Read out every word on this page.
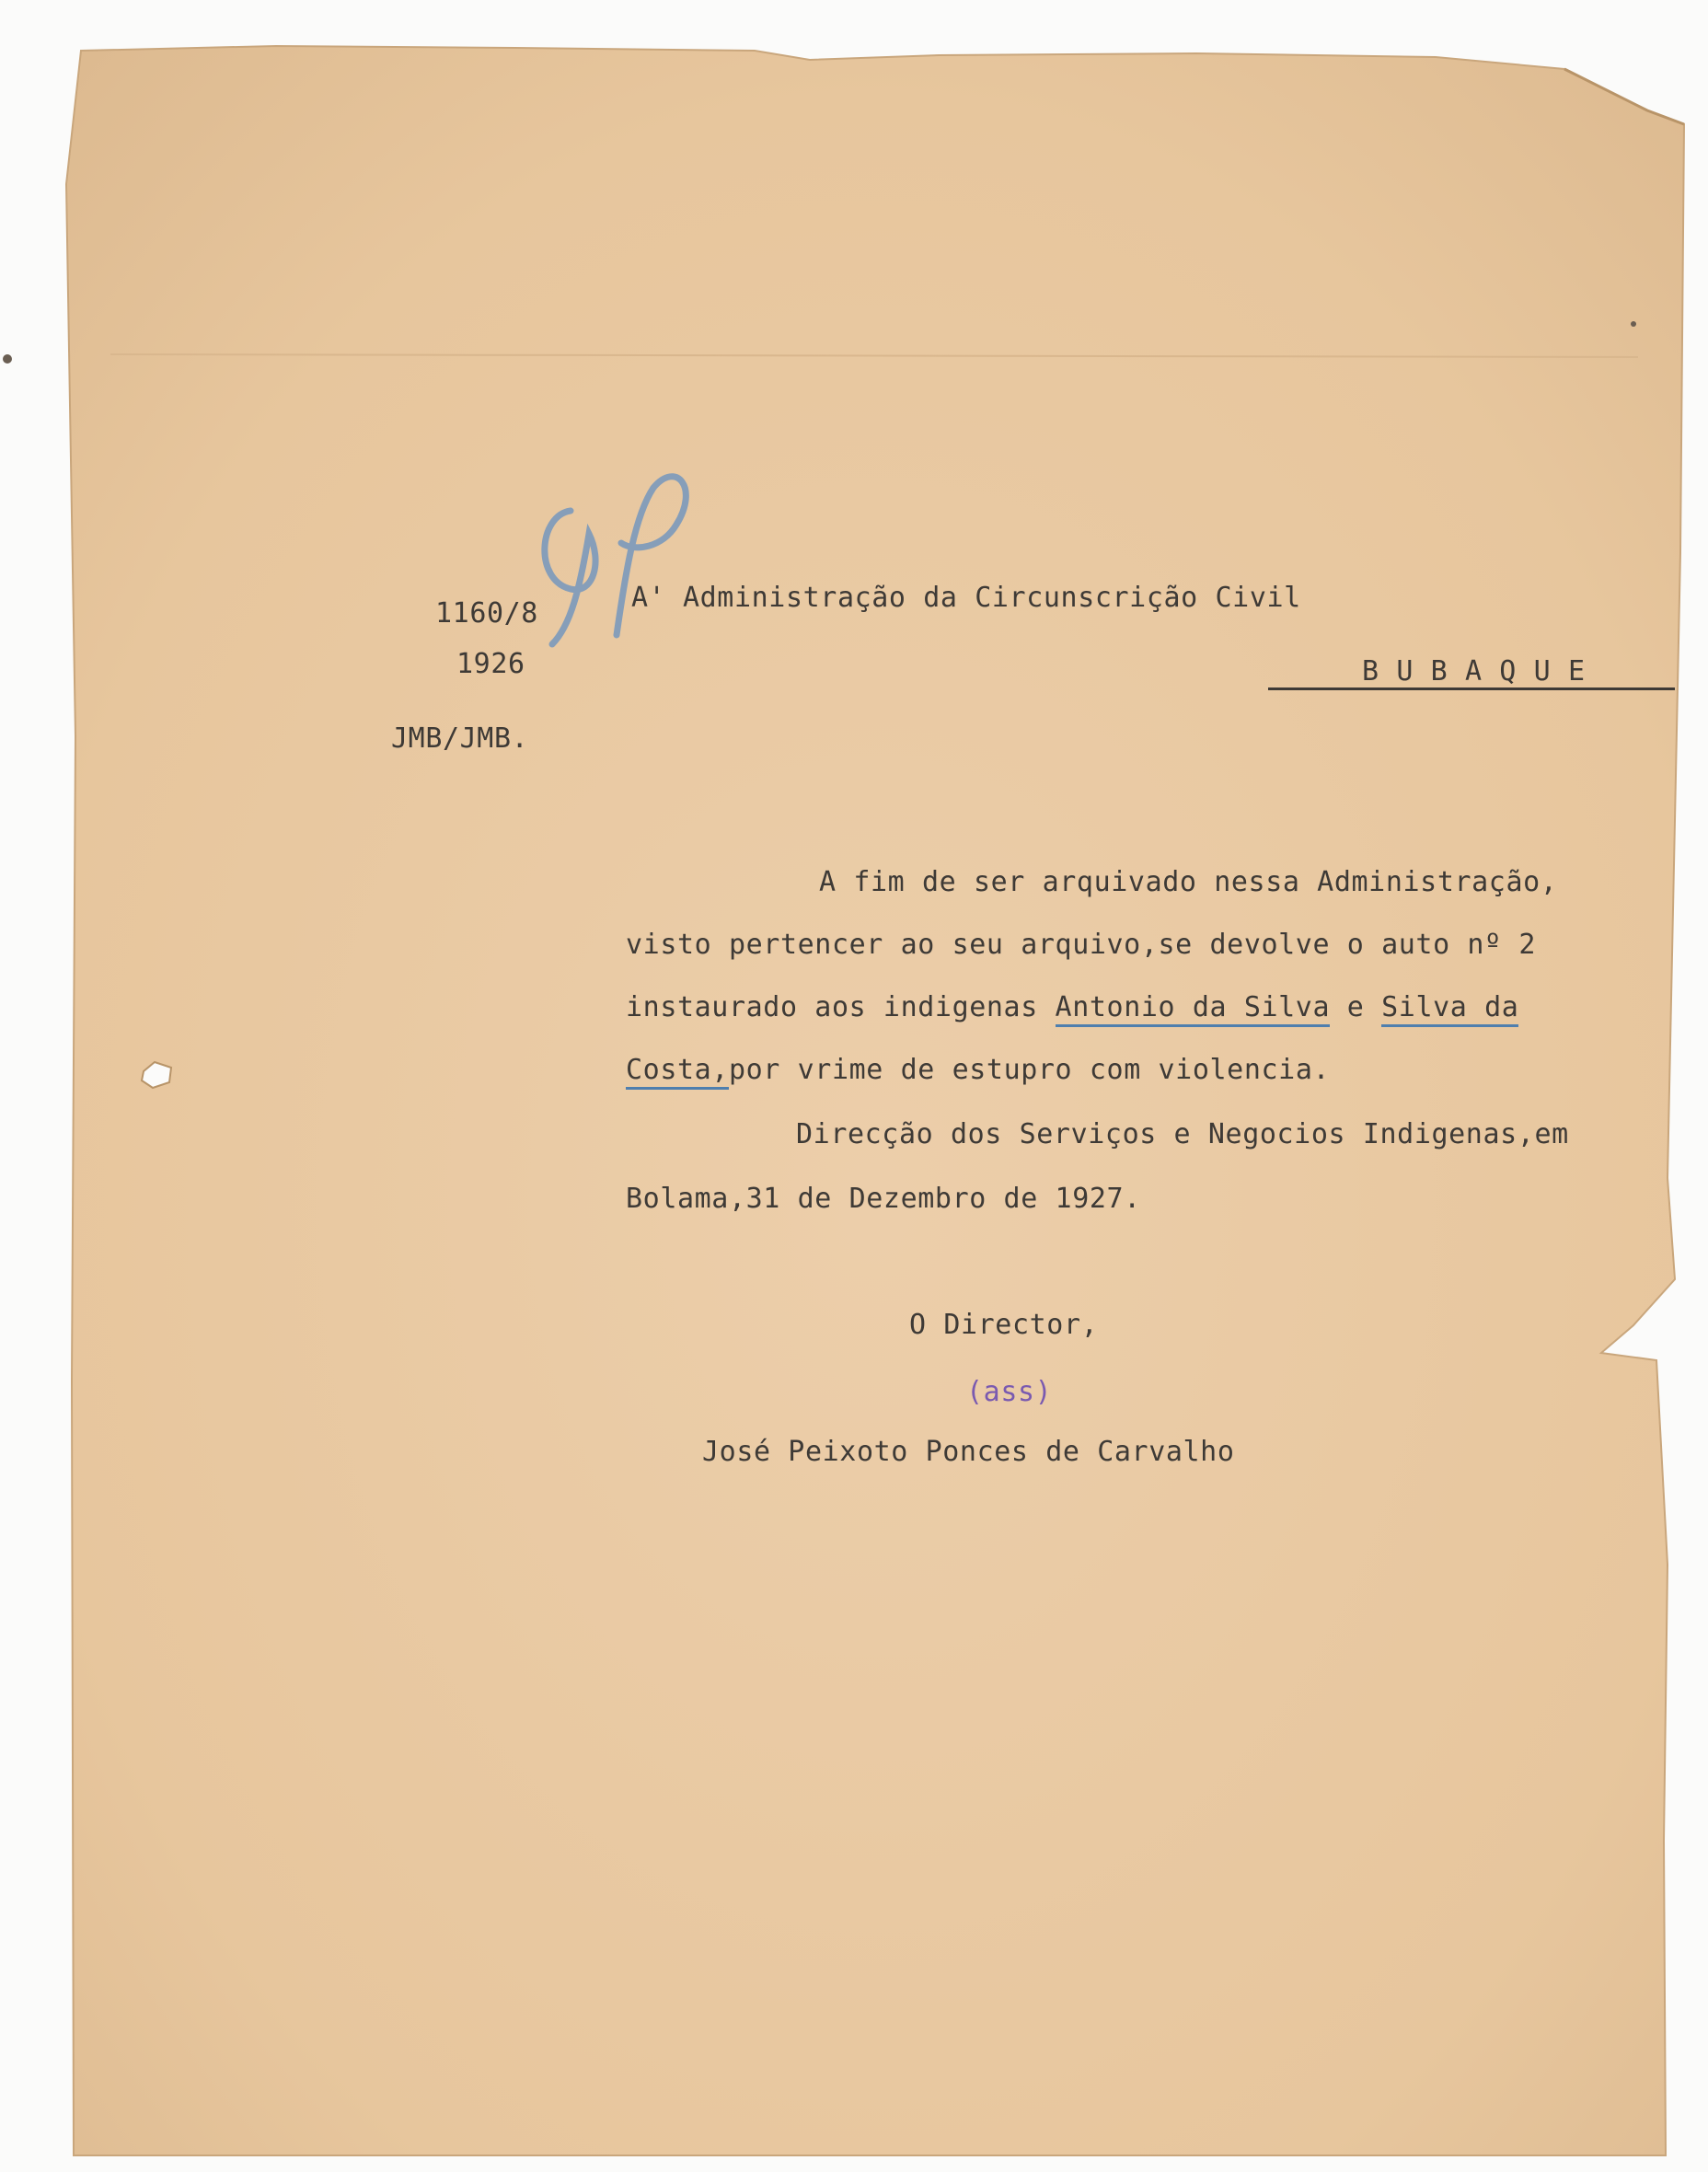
1160/8
1926
JMB/JMB.
A' Administração da Circunscrição Civil
B U B A Q U E
A fim de ser arquivado nessa Administração,
visto pertencer ao seu arquivo,se devolve o auto nº 2
instaurado aos indigenas Antonio da Silva e Silva da
Costa,por vrime de estupro com violencia.
Direcção dos Serviços e Negocios Indigenas,em
Bolama,31 de Dezembro de 1927.
O Director,
(ass)
José Peixoto Ponces de Carvalho
